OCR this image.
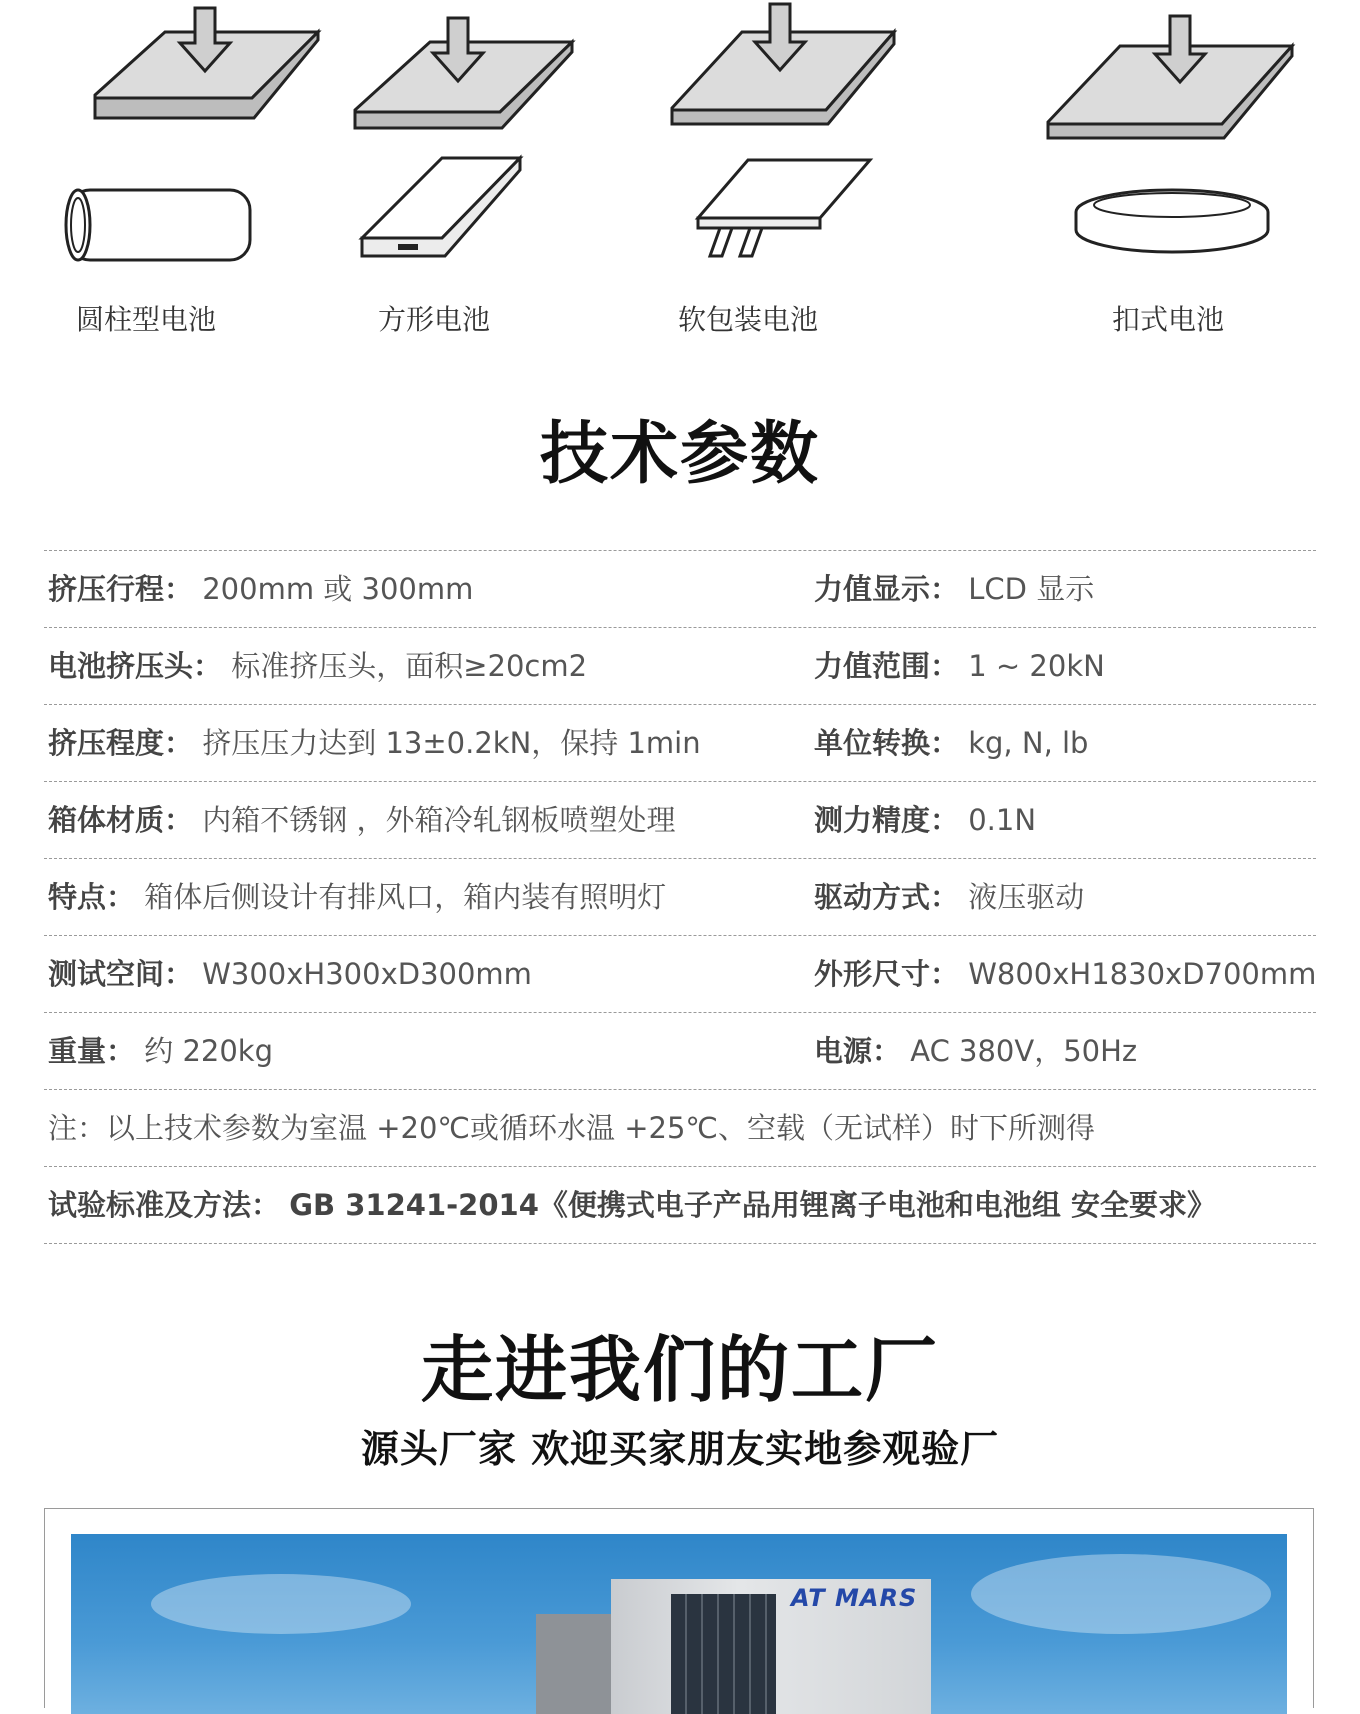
圆柱型电池	方形电池	软包装电池	扣式电池
技术参数
挤压行程： 200mm 或 300mm	力值显示： LCD 显示
电池挤压头： 标准挤压头，面积≥20cm2	力值范围： 1 ~ 20kN
挤压程度： 挤压压力达到 13±0.2kN，保持 1min	单位转换： kg, N, lb
箱体材质： 内箱不锈钢 ，外箱冷轧钢板喷塑处理	测力精度： 0.1N
特点： 箱体后侧设计有排风口，箱内装有照明灯	驱动方式： 液压驱动
测试空间： W300xH300xD300mm	外形尺寸： W800xH1830xD700mm
重量： 约 220kg	电源： AC 380V，50Hz
注：以上技术参数为室温 +20℃或循环水温 +25℃、空载（无试样）时下所测得
试验标准及方法： GB 31241-2014《便携式电子产品用锂离子电池和电池组 安全要求》
走进我们的工厂
源头厂家 欢迎买家朋友实地参观验厂
AT MARS
